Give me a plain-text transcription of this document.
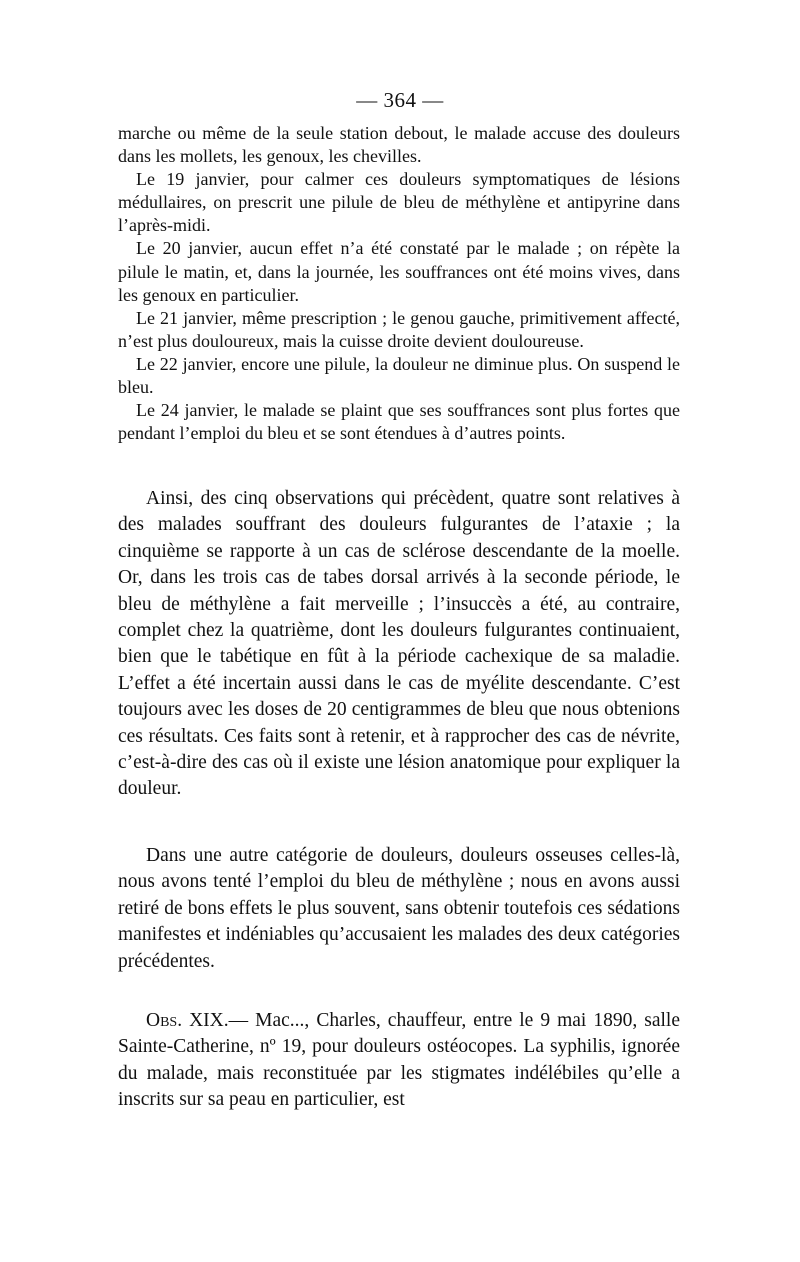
— 364 —

marche ou même de la seule station debout, le malade accuse des douleurs dans les mollets, les genoux, les chevilles.

Le 19 janvier, pour calmer ces douleurs symptomatiques de lésions médullaires, on prescrit une pilule de bleu de méthylène et antipyrine dans l’après-midi.

Le 20 janvier, aucun effet n’a été constaté par le malade ; on répète la pilule le matin, et, dans la journée, les souffrances ont été moins vives, dans les genoux en particulier.

Le 21 janvier, même prescription ; le genou gauche, primitivement affecté, n’est plus douloureux, mais la cuisse droite devient douloureuse.

Le 22 janvier, encore une pilule, la douleur ne diminue plus. On suspend le bleu.

Le 24 janvier, le malade se plaint que ses souffrances sont plus fortes que pendant l’emploi du bleu et se sont étendues à d’autres points.

Ainsi, des cinq observations qui précèdent, quatre sont relatives à des malades souffrant des douleurs fulgurantes de l’ataxie ; la cinquième se rapporte à un cas de sclérose descendante de la moelle. Or, dans les trois cas de tabes dorsal arrivés à la seconde période, le bleu de méthylène a fait merveille ; l’insuccès a été, au contraire, complet chez la quatrième, dont les douleurs fulgurantes continuaient, bien que le tabétique en fût à la période cachexique de sa maladie. L’effet a été incertain aussi dans le cas de myélite descendante. C’est toujours avec les doses de 20 centigrammes de bleu que nous obtenions ces résultats. Ces faits sont à retenir, et à rapprocher des cas de névrite, c’est-à-dire des cas où il existe une lésion anatomique pour expliquer la douleur.

Dans une autre catégorie de douleurs, douleurs osseuses celles-là, nous avons tenté l’emploi du bleu de méthylène ; nous en avons aussi retiré de bons effets le plus souvent, sans obtenir toutefois ces sédations manifestes et indéniables qu’accusaient les malades des deux catégories précédentes.

Obs. XIX.— Mac..., Charles, chauffeur, entre le 9 mai 1890, salle Sainte-Catherine, nº 19, pour douleurs ostéocopes. La syphilis, ignorée du malade, mais reconstituée par les stigmates indélébiles qu’elle a inscrits sur sa peau en particulier, est
